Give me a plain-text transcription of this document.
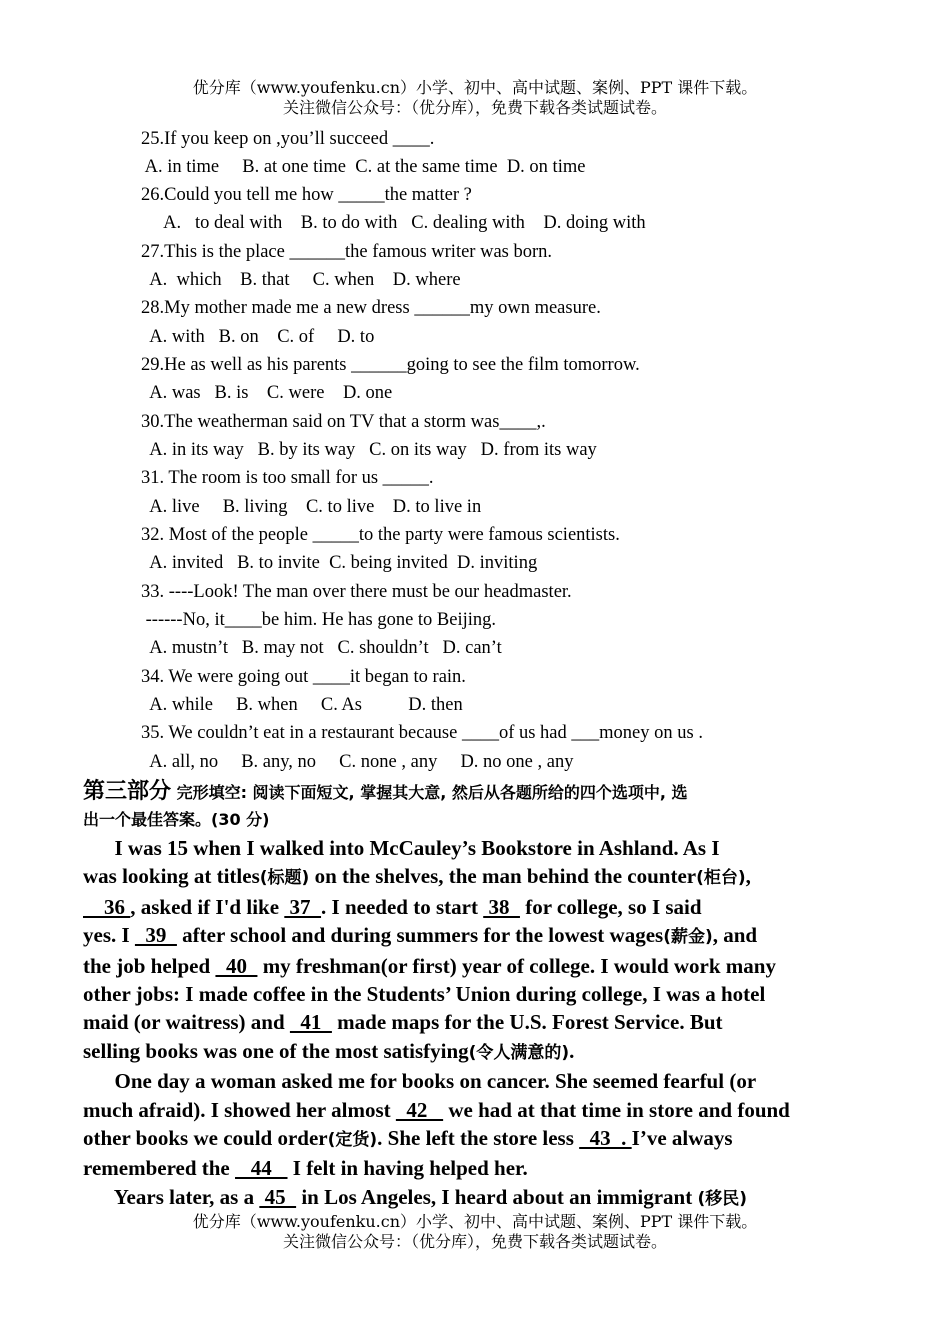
优分库（www.youfenku.cn）小学、初中、高中试题、案例、PPT 课件下载。
关注微信公众号：（优分库），免费下载各类试题试卷。
25.If you keep on ,you’ll succeed ____.
A. in time     B. at one time  C. at the same time  D. on time
26.Could you tell me how _____the matter ?
A.   to deal with    B. to do with   C. dealing with    D. doing with
27.This is the place ______the famous writer was born.
A.  which    B. that     C. when    D. where
28.My mother made me a new dress ______my own measure.
A. with   B. on    C. of     D. to
29.He as well as his parents ______going to see the film tomorrow.
A. was   B. is    C. were    D. one
30.The weatherman said on TV that a storm was____,.
A. in its way   B. by its way   C. on its way   D. from its way
31. The room is too small for us _____.
A. live     B. living    C. to live    D. to live in
32. Most of the people _____to the party were famous scientists.
A. invited   B. to invite  C. being invited  D. inviting
33. ----Look! The man over there must be our headmaster.
------No, it____be him. He has gone to Beijing.
A. mustn’t   B. may not   C. shouldn’t   D. can’t
34. We were going out ____it began to rain.
A. while     B. when     C. As          D. then
35. We couldn’t eat in a restaurant because ____of us had ___money on us .
A. all, no     B. any, no     C. none , any     D. no one , any
第三部分 完形填空: 阅读下面短文, 掌握其大意, 然后从各题所给的四个选项中, 选
出一个最佳答案。(30 分)
I was 15 when I walked into McCauley’s Bookstore in Ashland. As I
was looking at titles(标题) on the shelves, the man behind the counter(柜台),
36 , asked if I'd like  37  . I needed to start  38   for college, so I said
yes. I   39   after school and during summers for the lowest wages(薪金), and
the job helped   40   my freshman(or first) year of college. I would work many
other jobs: I made coffee in the Students’ Union during college, I was a hotel
maid (or waitress) and   41   made maps for the U.S. Forest Service. But
selling books was one of the most satisfying(令人满意的).
One day a woman asked me for books on cancer. She seemed fearful (or
much afraid). I showed her almost   42    we had at that time in store and found
other books we could order(定货). She left the store less   43  . I’ve always
remembered the    44    I felt in having helped her.
Years later, as a  45   in Los Angeles, I heard about an immigrant (移民)
优分库（www.youfenku.cn）小学、初中、高中试题、案例、PPT 课件下载。
关注微信公众号：（优分库），免费下载各类试题试卷。
